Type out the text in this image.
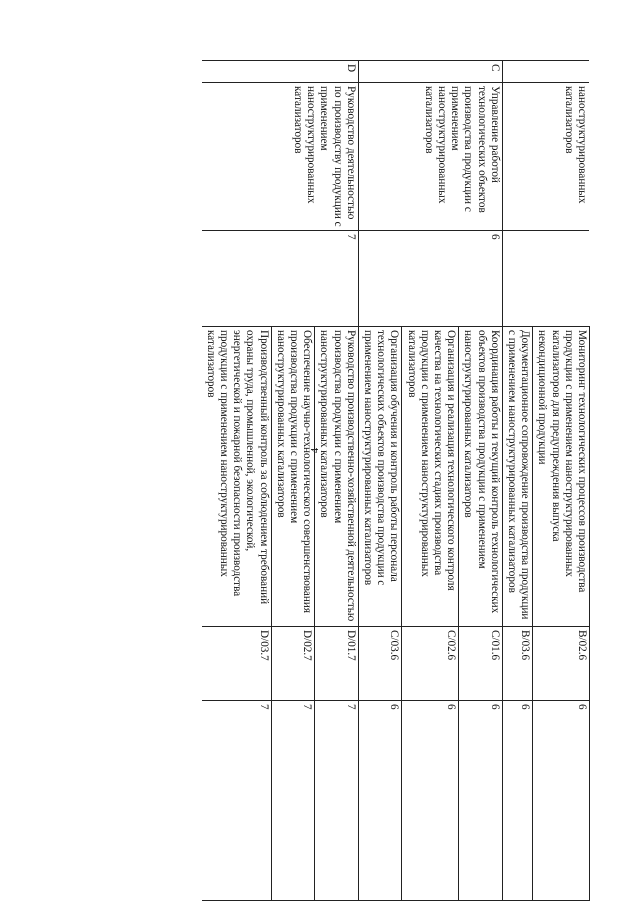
4
	наноструктурированных катализаторов		Мониторинг технологических процессов производства продукции с применением наноструктурированных катализаторов для предупреждения выпуска некондиционной продукции	B/02.6	6
			Документационное сопровождение производства продукции с применением наноструктурированных катализаторов	B/03.6	6
C	Управление работой технологических объектов производства продукции с применением наноструктурированных катализаторов	6	Координация работы и текущий контроль технологических объектов производства продукции с применением наноструктурированных катализаторов	C/01.6	6
			Организация и реализация технологического контроля качества на технологических стадиях производства продукции с применением наноструктурированных катализаторов	C/02.6	6
			Организация обучения и контроль работы персонала технологических объектов производства продукции с применением наноструктурированных катализаторов	C/03.6	6
D	Руководство деятельностью по производству продукции с применением наноструктурированных катализаторов	7	Руководство производственно-хозяйственной деятельностью производства продукции с применением наноструктурированных катализаторов	D/01.7	7
			Обеспечение научно-технологического совершенствования производства продукции с применением наноструктурированных катализаторов	D/02.7	7
			Производственный контроль за соблюдением требований охраны труда, промышленной, экологической, энергетической и пожарной безопасности производства продукции с применением наноструктурированных катализаторов	D/03.7	7
